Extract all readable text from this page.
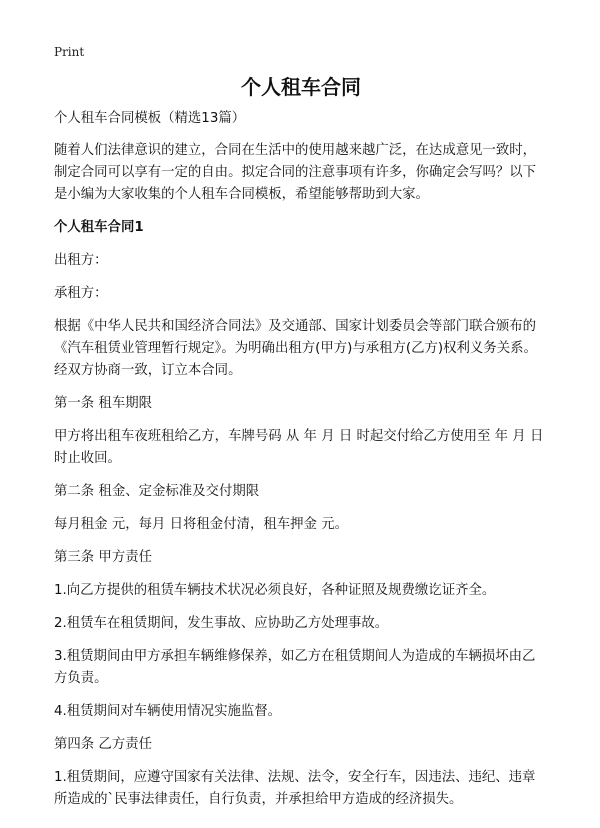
Print
个人租车合同
个人租车合同模板（精选13篇）
随着人们法律意识的建立，合同在生活中的使用越来越广泛，在达成意见一致时，制定合同可以享有一定的自由。拟定合同的注意事项有许多，你确定会写吗？以下是小编为大家收集的个人租车合同模板，希望能够帮助到大家。
个人租车合同1
出租方：
承租方：
根据《中华人民共和国经济合同法》及交通部、国家计划委员会等部门联合颁布的《汽车租赁业管理暂行规定》。为明确出租方(甲方)与承租方(乙方)权利义务关系。经双方协商一致，订立本合同。
第一条 租车期限
甲方将出租车夜班租给乙方，车牌号码 从 年 月 日 时起交付给乙方使用至 年 月 日 时止收回。
第二条 租金、定金标准及交付期限
每月租金 元，每月 日将租金付清，租车押金 元。
第三条 甲方责任
1.向乙方提供的租赁车辆技术状况必须良好，各种证照及规费缴讫证齐全。
2.租赁车在租赁期间，发生事故、应协助乙方处理事故。
3.租赁期间由甲方承担车辆维修保养，如乙方在租赁期间人为造成的车辆损坏由乙方负责。
4.租赁期间对车辆使用情况实施监督。
第四条 乙方责任
1.租赁期间，应遵守国家有关法律、法规、法令，安全行车，因违法、违纪、违章所造成的`民事法律责任，自行负责，并承担给甲方造成的经济损失。
